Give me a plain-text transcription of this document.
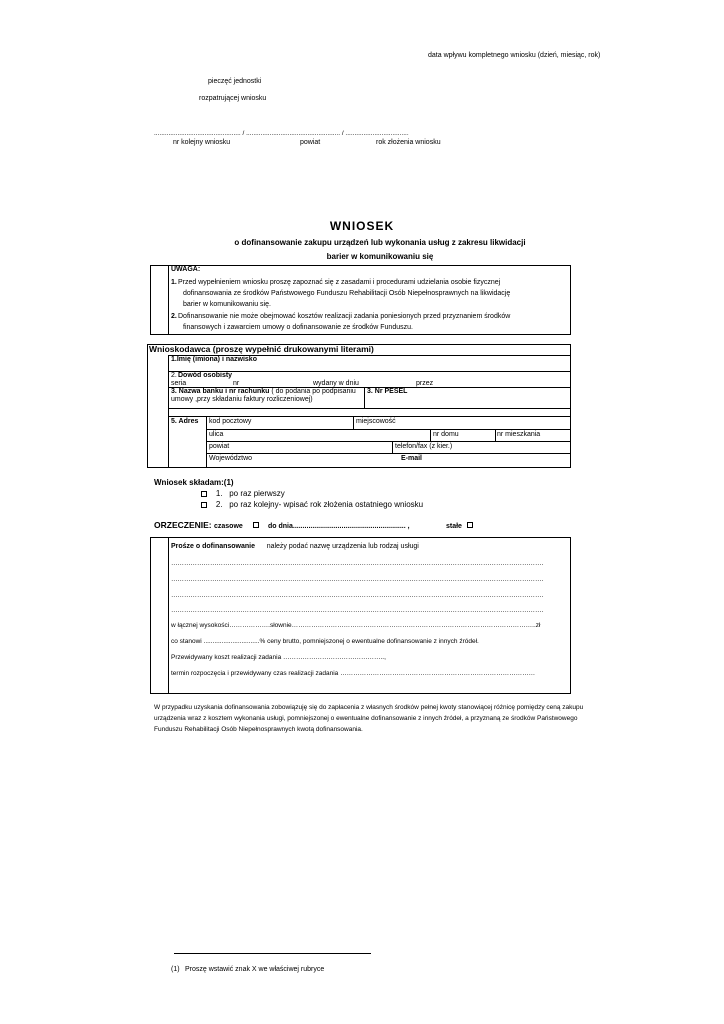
data wpływu kompletnego wniosku (dzień, miesiąc, rok)
pieczęć jednostki
rozpatrującej wniosku
................................................ / .................................................... / ...................................
nr kolejny wniosku	powiat	rok złożenia wniosku
WNIOSEK
o dofinansowanie zakupu urządzeń lub wykonania usług z zakresu likwidacji
barier w komunikowaniu się
UWAGA:
1. Przed wypełnieniem wniosku proszę zapoznać się z zasadami i procedurami udzielania osobie fizycznej
dofinansowania ze środków Państwowego Funduszu Rehabilitacji Osób Niepełnosprawnych na likwidację
barier w komunikowaniu się.
2. Dofinansowanie nie może obejmować kosztów realizacji zadania poniesionych przed przyznaniem środków
finansowych i zawarciem umowy o dofinansowanie ze środków Funduszu.
Wnioskodawca (proszę wypełnić drukowanymi literami)
1.Imię (imiona) i nazwisko
2. Dowód osobisty
seria	nr	wydany w dniu	przez
3. Nazwa banku i nr rachunku ( do podania po podpisaniu
umowy ,przy składaniu faktury rozliczeniowej)
3. Nr PESEL
5. Adres kod pocztowy	miejscowość
ulica	nr domu	nr mieszkania
powiat	telefon/fax (z kier.)
Województwo	E-mail
Wniosek składam:(1)
1. po raz pierwszy
2. po raz kolejny- wpisać rok złożenia ostatniego wniosku
ORZECZENIE: czasowe	do dnia.......................................................... ,	stałe
Prośze o dofinansowanie należy podać nazwę urządzenia lub rodzaj usługi
……………………………………………………………………………………………………………………………………………………….
……………………………………………………………………………………………………………………………………………………….
……………………………………………………………………………………………………………………………………………………….
……………………………………………………………………………………………………………………………………………………….
w łącznej wysokości……………….słownie…………………………………………………………………………………………………..zł
co stanowi ...............................% ceny brutto, pomniejszonej o ewentualne dofinansowanie z innych źródeł.
Przewidywany koszt realizacji zadania ………………………………………..,
termin rozpoczęcia i przewidywany czas realizacji zadania ………………………………………………………………………………
W przypadku uzyskania dofinansowania zobowiązuję się do zapłacenia z własnych środków pełnej kwoty stanowiącej różnicę pomiędzy ceną zakupu
urządzenia wraz z kosztem wykonania usługi, pomniejszonej o ewentualne dofinansowanie z innych źródeł, a przyznaną ze środków Państwowego
Funduszu Rehabilitacji Osób Niepełnosprawnych kwotą dofinansowania.
(1) Proszę wstawić znak X we właściwej rubryce
